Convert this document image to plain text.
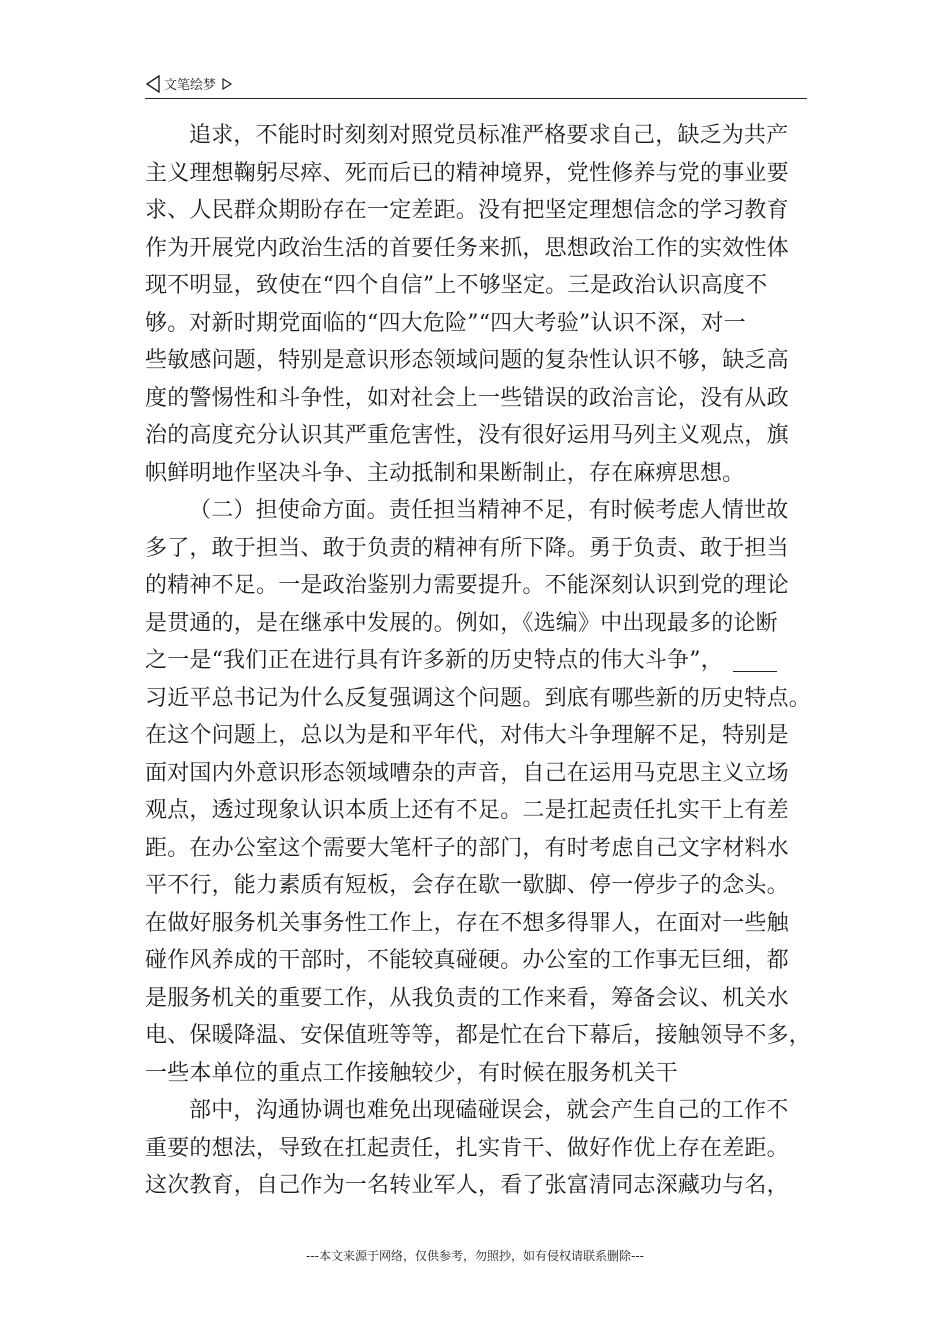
文笔绘梦
追求，不能时时刻刻对照党员标准严格要求自己，缺乏为共产
主义理想鞠躬尽瘁、死而后已的精神境界，党性修养与党的事业要
求、人民群众期盼存在一定差距。没有把坚定理想信念的学习教育
作为开展党内政治生活的首要任务来抓，思想政治工作的实效性体
现不明显，致使在“四个自信”上不够坚定。三是政治认识高度不
够。对新时期党面临的“四大危险”“四大考验”认识不深，对一
些敏感问题，特别是意识形态领域问题的复杂性认识不够，缺乏高
度的警惕性和斗争性，如对社会上一些错误的政治言论，没有从政
治的高度充分认识其严重危害性，没有很好运用马列主义观点，旗
帜鲜明地作坚决斗争、主动抵制和果断制止，存在麻痹思想。
（二）担使命方面。责任担当精神不足，有时候考虑人情世故
多了，敢于担当、敢于负责的精神有所下降。勇于负责、敢于担当
的精神不足。一是政治鉴别力需要提升。不能深刻认识到党的理论
是贯通的，是在继承中发展的。例如，《选编》中出现最多的论断
之一是“我们正在进行具有许多新的历史特点的伟大斗争”，
习近平总书记为什么反复强调这个问题。到底有哪些新的历史特点。
在这个问题上，总以为是和平年代，对伟大斗争理解不足，特别是
面对国内外意识形态领域嘈杂的声音，自己在运用马克思主义立场
观点，透过现象认识本质上还有不足。二是扛起责任扎实干上有差
距。在办公室这个需要大笔杆子的部门，有时考虑自己文字材料水
平不行，能力素质有短板，会存在歇一歇脚、停一停步子的念头。
在做好服务机关事务性工作上，存在不想多得罪人，在面对一些触
碰作风养成的干部时，不能较真碰硬。办公室的工作事无巨细，都
是服务机关的重要工作，从我负责的工作来看，筹备会议、机关水
电、保暖降温、安保值班等等，都是忙在台下幕后，接触领导不多，
一些本单位的重点工作接触较少，有时候在服务机关干
部中，沟通协调也难免出现磕碰误会，就会产生自己的工作不
重要的想法，导致在扛起责任，扎实肯干、做好作优上存在差距。
这次教育，自己作为一名转业军人，看了张富清同志深藏功与名，
---本文来源于网络，仅供参考，勿照抄，如有侵权请联系删除---
